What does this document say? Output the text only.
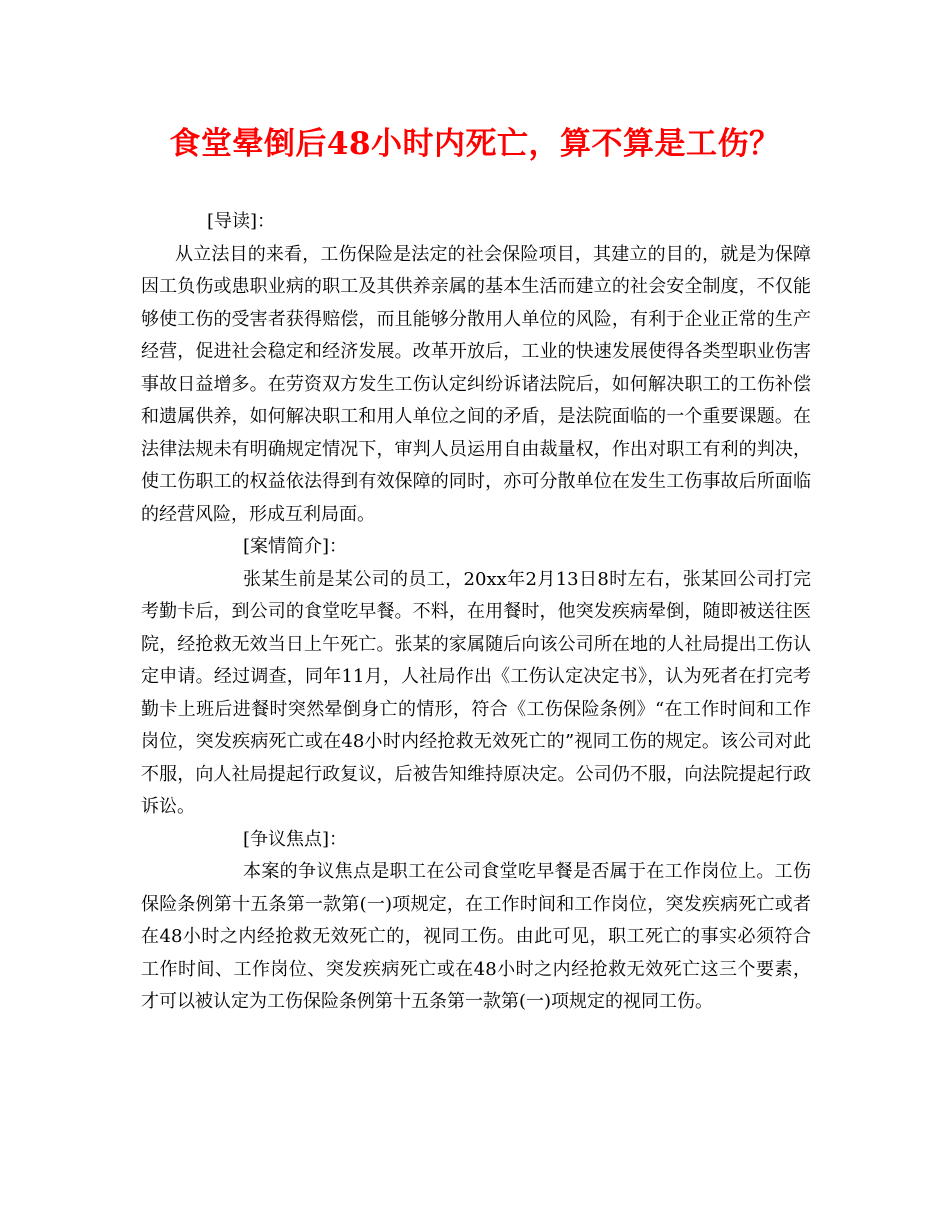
食堂晕倒后48小时内死亡，算不算是工伤？
[导读]：
从立法目的来看，工伤保险是法定的社会保险项目，其建立的目的，就是为保障因工负伤或患职业病的职工及其供养亲属的基本生活而建立的社会安全制度，不仅能够使工伤的受害者获得赔偿，而且能够分散用人单位的风险，有利于企业正常的生产经营，促进社会稳定和经济发展。改革开放后，工业的快速发展使得各类型职业伤害事故日益增多。在劳资双方发生工伤认定纠纷诉诸法院后，如何解决职工的工伤补偿和遗属供养，如何解决职工和用人单位之间的矛盾，是法院面临的一个重要课题。在法律法规未有明确规定情况下，审判人员运用自由裁量权，作出对职工有利的判决，使工伤职工的权益依法得到有效保障的同时，亦可分散单位在发生工伤事故后所面临的经营风险，形成互利局面。
[案情简介]：
张某生前是某公司的员工，20xx年2月13日8时左右，张某回公司打完考勤卡后，到公司的食堂吃早餐。不料，在用餐时，他突发疾病晕倒，随即被送往医院，经抢救无效当日上午死亡。张某的家属随后向该公司所在地的人社局提出工伤认定申请。经过调查，同年11月，人社局作出《工伤认定决定书》，认为死者在打完考勤卡上班后进餐时突然晕倒身亡的情形，符合《工伤保险条例》“在工作时间和工作岗位，突发疾病死亡或在48小时内经抢救无效死亡的”视同工伤的规定。该公司对此不服，向人社局提起行政复议，后被告知维持原决定。公司仍不服，向法院提起行政诉讼。
[争议焦点]：
本案的争议焦点是职工在公司食堂吃早餐是否属于在工作岗位上。工伤保险条例第十五条第一款第(一)项规定，在工作时间和工作岗位，突发疾病死亡或者在48小时之内经抢救无效死亡的，视同工伤。由此可见，职工死亡的事实必须符合工作时间、工作岗位、突发疾病死亡或在48小时之内经抢救无效死亡这三个要素，才可以被认定为工伤保险条例第十五条第一款第(一)项规定的视同工伤。
